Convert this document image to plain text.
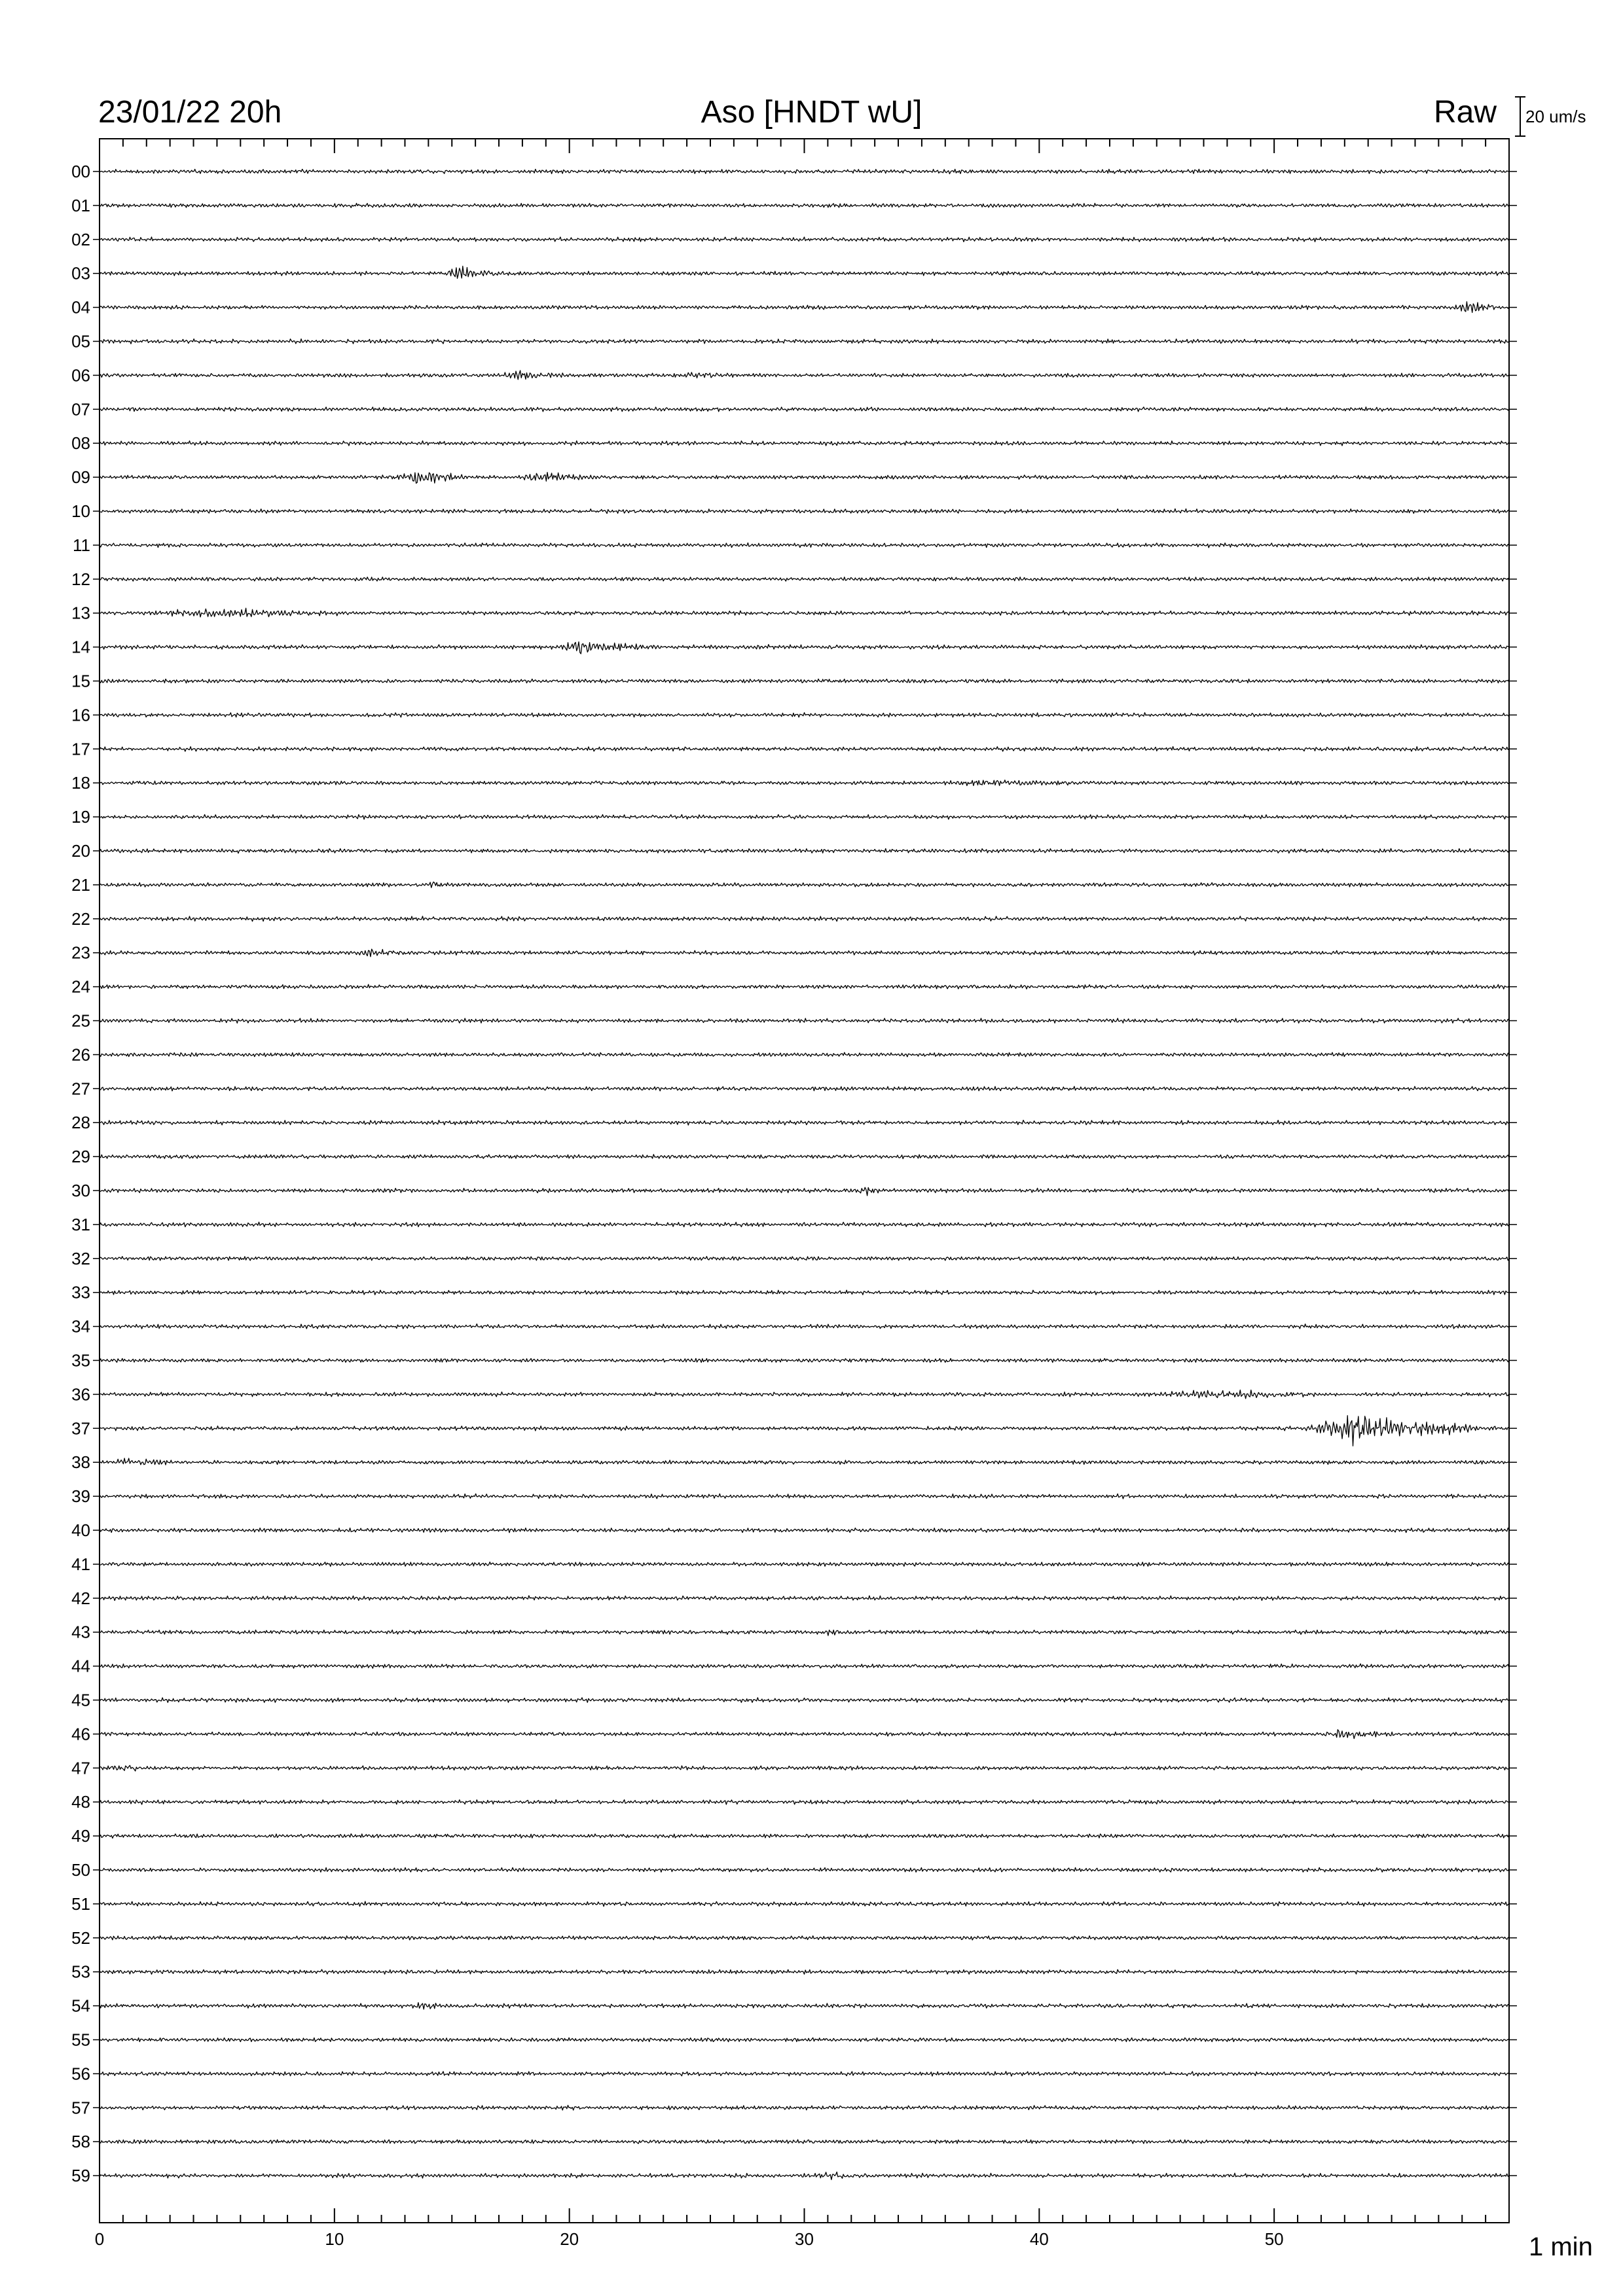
23/01/22 20h	Aso [HNDT wU]	Raw 20 um/s
0	10	20	30	40	50	1 min
00
01
02
03
04
05
06
07
08
09
10
11
12
13
14
15
16
17
18
19
20
21
22
23
24
25
26
27
28
29
30
31
32
33
34
35
36
37
38
39
40
41
42
43
44
45
46
47
48
49
50
51
52
53
54
55
56
57
58
59
